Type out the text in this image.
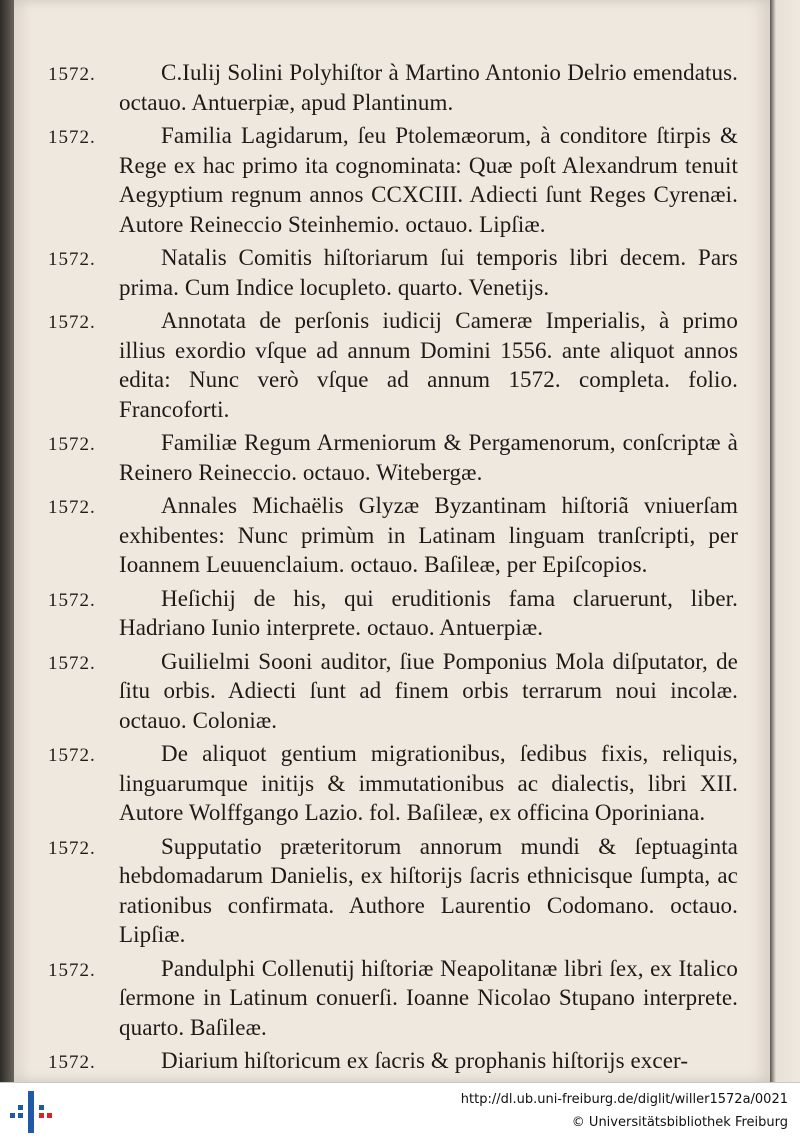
1572.	C.Iulij Solini Polyhiſtor à Martino Antonio Delrio emendatus. octauo. Antuerpiæ, apud Plantinum.
1572.	Familia Lagidarum, ſeu Ptolemæorum, à conditore ſtirpis & Rege ex hac primo ita cognominata: Quæ poſt Alexandrum tenuit Aegyptium regnum annos CCXCIII. Adiecti ſunt Reges Cyrenæi. Autore Reineccio Steinhemio. octauo. Lipſiæ.
1572.	Natalis Comitis hiſtoriarum ſui temporis libri decem. Pars prima. Cum Indice locupleto. quarto. Venetijs.
1572.	Annotata de perſonis iudicij Cameræ Imperialis, à primo illius exordio vſque ad annum Domini 1556. ante aliquot annos edita: Nunc verò vſque ad annum 1572. completa. folio. Francoforti.
1572.	Familiæ Regum Armeniorum & Pergamenorum, conſcriptæ à Reinero Reineccio. octauo. Witebergæ.
1572.	Annales Michaëlis Glyzæ Byzantinam hiſtoriã vniuerſam exhibentes: Nunc primùm in Latinam linguam tranſcripti, per Ioannem Leuuenclaium. octauo. Baſileæ, per Epiſcopios.
1572.	Heſichij de his, qui eruditionis fama claruerunt, liber. Hadriano Iunio interprete. octauo. Antuerpiæ.
1572.	Guilielmi Sooni auditor, ſiue Pomponius Mola diſputator, de ſitu orbis. Adiecti ſunt ad finem orbis terrarum noui incolæ. octauo. Coloniæ.
1572.	De aliquot gentium migrationibus, ſedibus fixis, reliquis, linguarumque initijs & immutationibus ac dialectis, libri XII. Autore Wolffgango Lazio. fol. Baſileæ, ex officina Oporiniana.
1572.	Supputatio præteritorum annorum mundi & ſeptuaginta hebdomadarum Danielis, ex hiſtorijs ſacris ethnicisque ſumpta, ac rationibus confirmata. Authore Laurentio Codomano. octauo. Lipſiæ.
1572.	Pandulphi Collenutij hiſtoriæ Neapolitanæ libri ſex, ex Italico ſermone in Latinum conuerſi. Ioanne Nicolao Stupano interprete. quarto. Baſileæ.
1572.	Diarium hiſtoricum ex ſacris & prophanis hiſtorijs excer-
http://dl.ub.uni-freiburg.de/diglit/willer1572a/0021
© Universitätsbibliothek Freiburg
